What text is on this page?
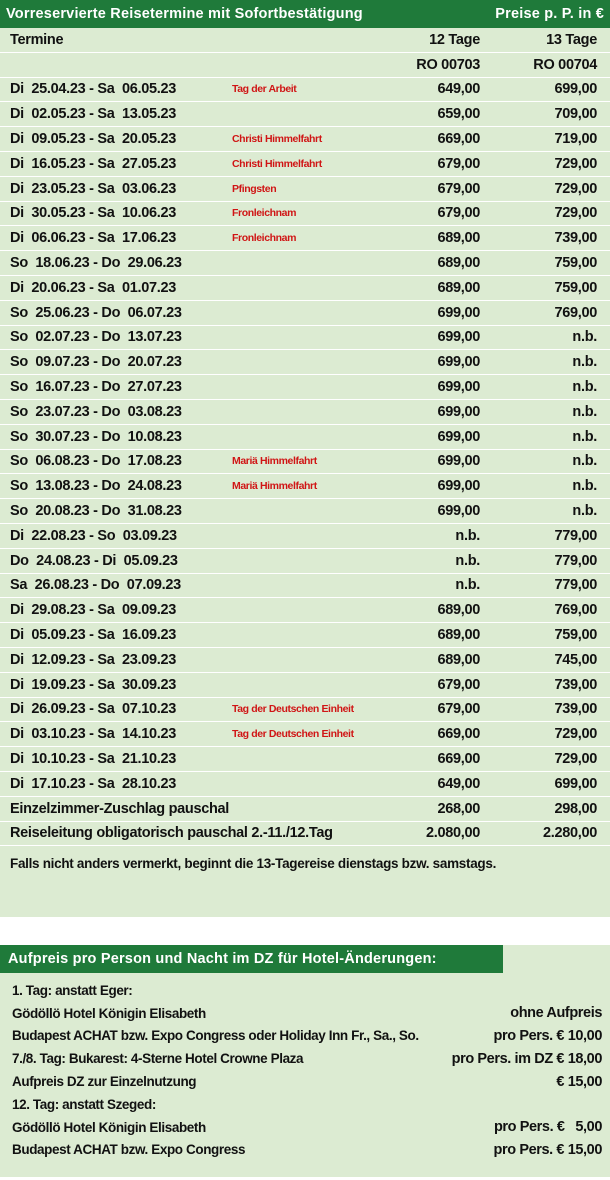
Vorreservierte Reisetermine mit Sofortbestätigung	Preise p. P. in €
Termine	12 Tage	13 Tage
RO 00703	RO 00704
Di  25.04.23 - Sa  06.05.23	Tag der Arbeit	649,00	699,00
Di  02.05.23 - Sa  13.05.23	659,00	709,00
Di  09.05.23 - Sa  20.05.23	Christi Himmelfahrt	669,00	719,00
Di  16.05.23 - Sa  27.05.23	Christi Himmelfahrt	679,00	729,00
Di  23.05.23 - Sa  03.06.23	Pfingsten	679,00	729,00
Di  30.05.23 - Sa  10.06.23	Fronleichnam	679,00	729,00
Di  06.06.23 - Sa  17.06.23	Fronleichnam	689,00	739,00
So  18.06.23 - Do  29.06.23	689,00	759,00
Di  20.06.23 - Sa  01.07.23	689,00	759,00
So  25.06.23 - Do  06.07.23	699,00	769,00
So  02.07.23 - Do  13.07.23	699,00	n.b.
So  09.07.23 - Do  20.07.23	699,00	n.b.
So  16.07.23 - Do  27.07.23	699,00	n.b.
So  23.07.23 - Do  03.08.23	699,00	n.b.
So  30.07.23 - Do  10.08.23	699,00	n.b.
So  06.08.23 - Do  17.08.23	Mariä Himmelfahrt	699,00	n.b.
So  13.08.23 - Do  24.08.23	Mariä Himmelfahrt	699,00	n.b.
So  20.08.23 - Do  31.08.23	699,00	n.b.
Di  22.08.23 - So  03.09.23	n.b.	779,00
Do  24.08.23 - Di  05.09.23	n.b.	779,00
Sa  26.08.23 - Do  07.09.23	n.b.	779,00
Di  29.08.23 - Sa  09.09.23	689,00	769,00
Di  05.09.23 - Sa  16.09.23	689,00	759,00
Di  12.09.23 - Sa  23.09.23	689,00	745,00
Di  19.09.23 - Sa  30.09.23	679,00	739,00
Di  26.09.23 - Sa  07.10.23	Tag der Deutschen Einheit	679,00	739,00
Di  03.10.23 - Sa  14.10.23	Tag der Deutschen Einheit	669,00	729,00
Di  10.10.23 - Sa  21.10.23	669,00	729,00
Di  17.10.23 - Sa  28.10.23	649,00	699,00
Einzelzimmer-Zuschlag pauschal	268,00	298,00
Reiseleitung obligatorisch pauschal 2.-11./12.Tag	2.080,00	2.280,00
Falls nicht anders vermerkt, beginnt die 13-Tagereise dienstags bzw. samstags.
Aufpreis pro Person und Nacht im DZ für Hotel-Änderungen:
1. Tag: anstatt Eger:
Gödöllö Hotel Königin Elisabeth	ohne Aufpreis
Budapest ACHAT bzw. Expo Congress oder Holiday Inn Fr., Sa., So.	pro Pers. € 10,00
7./8. Tag: Bukarest: 4-Sterne Hotel Crowne Plaza	pro Pers. im DZ € 18,00
Aufpreis DZ zur Einzelnutzung	€ 15,00
12. Tag: anstatt Szeged:
Gödöllö Hotel Königin Elisabeth	pro Pers. €   5,00
Budapest ACHAT bzw. Expo Congress	pro Pers. € 15,00
